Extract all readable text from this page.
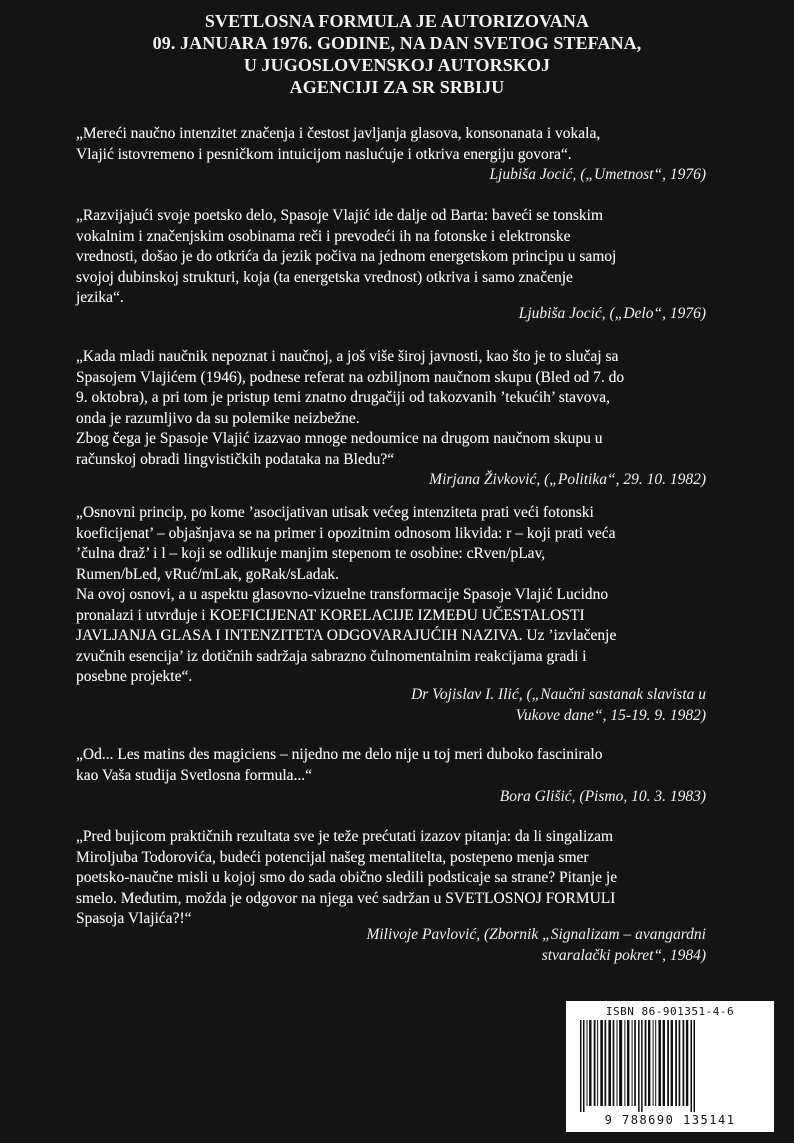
SVETLOSNA FORMULA JE AUTORIZOVANA
09. JANUARA 1976. GODINE, NA DAN SVETOG STEFANA,
U JUGOSLOVENSKOJ AUTORSKOJ
AGENCIJI ZA SR SRBIJU
„Mereći naučno intenzitet značenja i čestost javljanja glasova, konsonanata i vokala,
Vlajić istovremeno i pesničkom intuicijom naslućuje i otkriva energiju govora“.
Ljubiša Jocić, („Umetnost“, 1976)
„Razvijajući svoje poetsko delo, Spasoje Vlajić ide dalje od Barta: baveći se tonskim
vokalnim i značenjskim osobinama reči i prevodeći ih na fotonske i elektronske
vrednosti, došao je do otkrića da jezik počiva na jednom energetskom principu u samoj
svojoj dubinskoj strukturi, koja (ta energetska vrednost) otkriva i samo značenje
jezika“.
Ljubiša Jocić, („Delo“, 1976)
„Kada mladi naučnik nepoznat i naučnoj, a još više široj javnosti, kao što je to slučaj sa
Spasojem Vlajićem (1946), podnese referat na ozbiljnom naučnom skupu (Bled od 7. do
9. oktobra), a pri tom je pristup temi znatno drugačiji od takozvanih ’tekućih’ stavova,
onda je razumljivo da su polemike neizbežne.
Zbog čega je Spasoje Vlajić izazvao mnoge nedoumice na drugom naučnom skupu u
računskoj obradi lingvističkih podataka na Bledu?“
Mirjana Živković, („Politika“, 29. 10. 1982)
„Osnovni princip, po kome ’asocijativan utisak većeg intenziteta prati veći fotonski
koeficijenat’ – objašnjava se na primer i opozitnim odnosom likvida: r – koji prati veća
’čulna draž’ i l – koji se odlikuje manjim stepenom te osobine: cRven/pLav,
Rumen/bLed, vRuć/mLak, goRak/sLadak.
Na ovoj osnovi, a u aspektu glasovno-vizuelne transformacije Spasoje Vlajić Lucidno
pronalazi i utvrđuje i KOEFICIJENAT KORELACIJE IZMEĐU UČESTALOSTI
JAVLJANJA GLASA I INTENZITETA ODGOVARAJUĆIH NAZIVA. Uz ’izvlačenje
zvučnih esencija’ iz dotičnih sadržaja sabrazno čulnomentalnim reakcijama gradi i
posebne projekte“.
Dr Vojislav I. Ilić, („Naučni sastanak slavista u
Vukove dane“, 15-19. 9. 1982)
„Od... Les matins des magiciens – nijedno me delo nije u toj meri duboko fasciniralo
kao Vaša studija Svetlosna formula...“
Bora Glišić, (Pismo, 10. 3. 1983)
„Pred bujicom praktičnih rezultata sve je teže prećutati izazov pitanja: da li singalizam
Miroljuba Todorovića, budeći potencijal našeg mentalitelta, postepeno menja smer
poetsko-naučne misli u kojoj smo do sada obično sledili podsticaje sa strane? Pitanje je
smelo. Međutim, možda je odgovor na njega već sadržan u SVETLOSNOJ FORMULI
Spasoja Vlajića?!“
Milivoje Pavlović, (Zbornik „Signalizam – avangardni
stvaralački pokret“, 1984)
ISBN 86-901351-4-6
9 788690 135141
